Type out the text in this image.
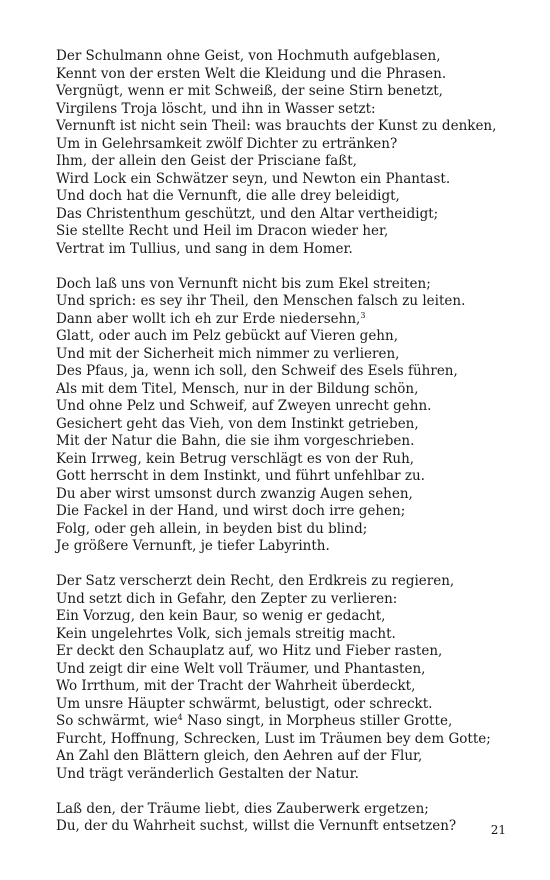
Der Schulmann ohne Geist, von Hochmuth aufgeblasen,
Kennt von der ersten Welt die Kleidung und die Phrasen.
Vergnügt, wenn er mit Schweiß, der seine Stirn benetzt,
Virgilens Troja löscht, und ihn in Wasser setzt:
Vernunft ist nicht sein Theil: was brauchts der Kunst zu denken,
Um in Gelehrsamkeit zwölf Dichter zu ertränken?
Ihm, der allein den Geist der Prisciane faßt,
Wird Lock ein Schwätzer seyn, und Newton ein Phantast.
Und doch hat die Vernunft, die alle drey beleidigt,
Das Christenthum geschützt, und den Altar vertheidigt;
Sie stellte Recht und Heil im Dracon wieder her,
Vertrat im Tullius, und sang in dem Homer.
Doch laß uns von Vernunft nicht bis zum Ekel streiten;
Und sprich: es sey ihr Theil, den Menschen falsch zu leiten.
Dann aber wollt ich eh zur Erde niedersehn,$^3$
Glatt, oder auch im Pelz gebückt auf Vieren gehn,
Und mit der Sicherheit mich nimmer zu verlieren,
Des Pfaus, ja, wenn ich soll, den Schweif des Esels führen,
Als mit dem Titel, Mensch, nur in der Bildung schön,
Und ohne Pelz und Schweif, auf Zweyen unrecht gehn.
Gesichert geht das Vieh, von dem Instinkt getrieben,
Mit der Natur die Bahn, die sie ihm vorgeschrieben.
Kein Irrweg, kein Betrug verschlägt es von der Ruh,
Gott herrscht in dem Instinkt, und führt unfehlbar zu.
Du aber wirst umsonst durch zwanzig Augen sehen,
Die Fackel in der Hand, und wirst doch irre gehen;
Folg, oder geh allein, in beyden bist du blind;
Je größere Vernunft, je tiefer Labyrinth.
Der Satz verscherzt dein Recht, den Erdkreis zu regieren,
Und setzt dich in Gefahr, den Zepter zu verlieren:
Ein Vorzug, den kein Baur, so wenig er gedacht,
Kein ungelehrtes Volk, sich jemals streitig macht.
Er deckt den Schauplatz auf, wo Hitz und Fieber rasten,
Und zeigt dir eine Welt voll Träumer, und Phantasten,
Wo Irrthum, mit der Tracht der Wahrheit überdeckt,
Um unsre Häupter schwärmt, belustigt, oder schreckt.
So schwärmt, wie$^4$ Naso singt, in Morpheus stiller Grotte,
Furcht, Hoffnung, Schrecken, Lust im Träumen bey dem Gotte;
An Zahl den Blättern gleich, den Aehren auf der Flur,
Und trägt veränderlich Gestalten der Natur.
Laß den, der Träume liebt, dies Zauberwerk ergetzen;
Du, der du Wahrheit suchst, willst die Vernunft entsetzen?	21
